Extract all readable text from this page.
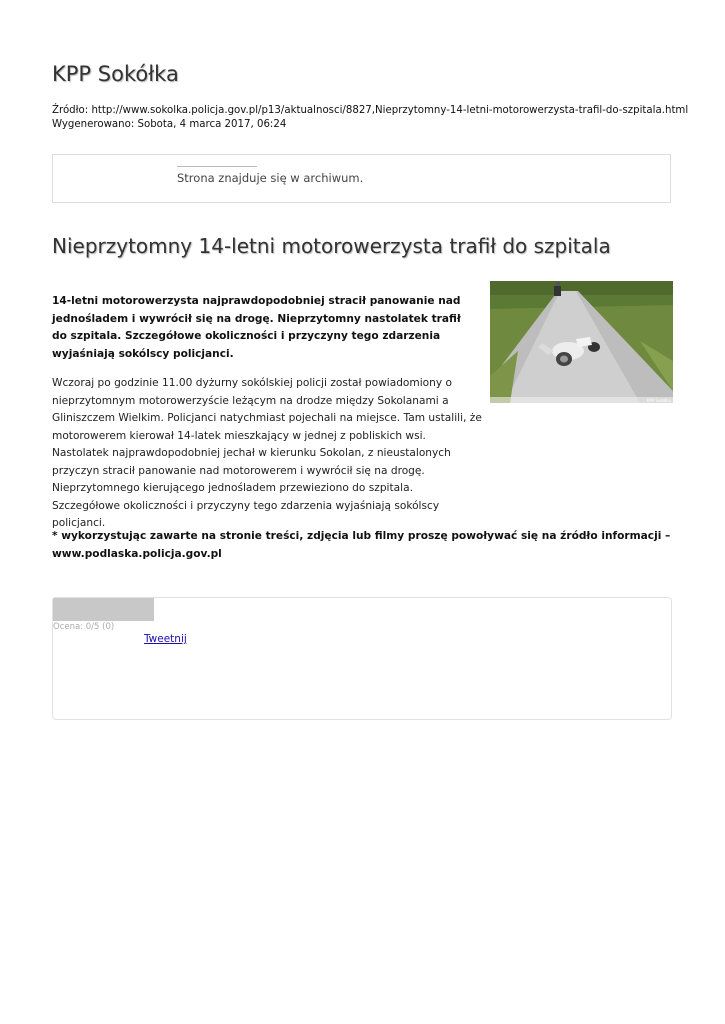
KPP Sokółka
Źródło: http://www.sokolka.policja.gov.pl/p13/aktualnosci/8827,Nieprzytomny-14-letni-motorowerzysta-trafil-do-szpitala.html
Wygenerowano: Sobota, 4 marca 2017, 06:24
Strona znajduje się w archiwum.
Nieprzytomny 14-letni motorowerzysta trafił do szpitala
KPP Sokółka

14-letni motorowerzysta najprawdopodobniej stracił panowanie nad jednośladem i wywrócił się na drogę. Nieprzytomny nastolatek trafił do szpitala. Szczegółowe okoliczności i przyczyny tego zdarzenia wyjaśniają sokólscy policjanci.

Wczoraj po godzinie 11.00 dyżurny sokólskiej policji został powiadomiony o nieprzytomnym motorowerzyście leżącym na drodze między Sokolanami a Gliniszczem Wielkim. Policjanci natychmiast pojechali na miejsce. Tam ustalili, że motorowerem kierował 14-latek mieszkający w jednej z pobliskich wsi. Nastolatek najprawdopodobniej jechał w kierunku Sokolan, z nieustalonych przyczyn stracił panowanie nad motorowerem i wywrócił się na drogę. Nieprzytomnego kierującego jednośladem przewieziono do szpitala. Szczegółowe okoliczności i przyczyny tego zdarzenia wyjaśniają sokólscy policjanci.

* wykorzystując zawarte na stronie treści, zdjęcia lub filmy proszę powoływać się na źródło informacji – www.podlaska.policja.gov.pl

Ocena: 0/5 (0)
Tweetnij
